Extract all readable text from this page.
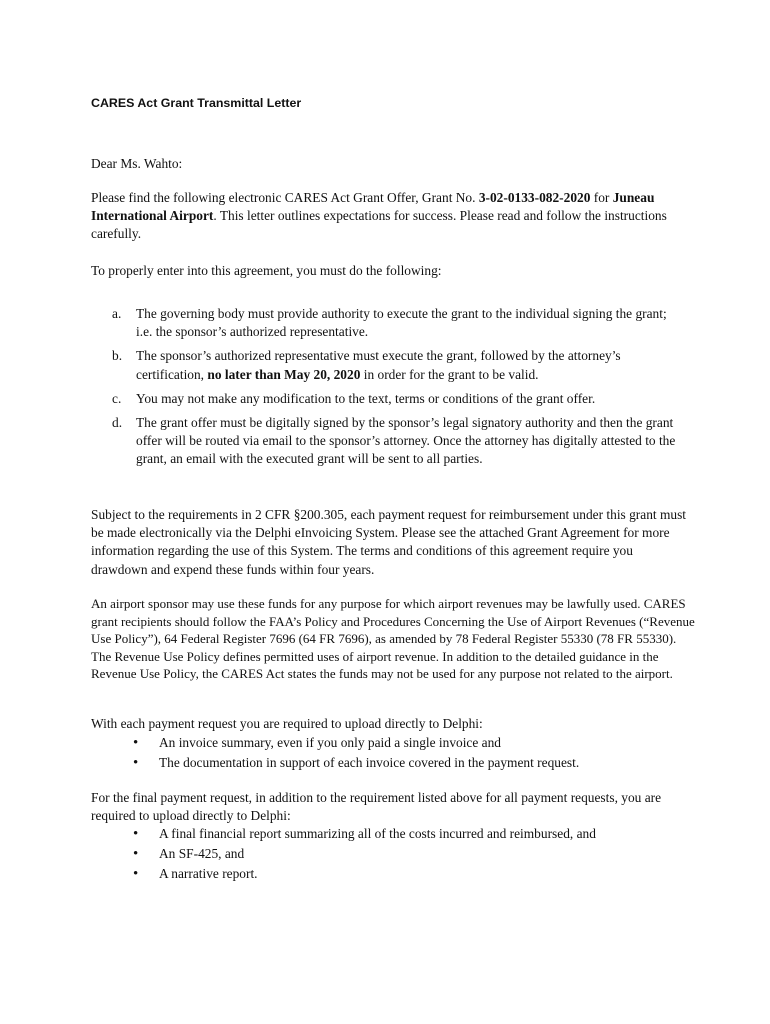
CARES Act Grant Transmittal Letter

Dear Ms. Wahto:

Please find the following electronic CARES Act Grant Offer, Grant No. 3-02-0133-082-2020 for Juneau International Airport. This letter outlines expectations for success. Please read and follow the instructions carefully.

To properly enter into this agreement, you must do the following:

a. The governing body must provide authority to execute the grant to the individual signing the grant; i.e. the sponsor’s authorized representative.
b. The sponsor’s authorized representative must execute the grant, followed by the attorney’s certification, no later than May 20, 2020 in order for the grant to be valid.
c. You may not make any modification to the text, terms or conditions of the grant offer.
d. The grant offer must be digitally signed by the sponsor’s legal signatory authority and then the grant offer will be routed via email to the sponsor’s attorney. Once the attorney has digitally attested to the grant, an email with the executed grant will be sent to all parties.

Subject to the requirements in 2 CFR §200.305, each payment request for reimbursement under this grant must be made electronically via the Delphi eInvoicing System. Please see the attached Grant Agreement for more information regarding the use of this System. The terms and conditions of this agreement require you drawdown and expend these funds within four years.

An airport sponsor may use these funds for any purpose for which airport revenues may be lawfully used. CARES grant recipients should follow the FAA’s Policy and Procedures Concerning the Use of Airport Revenues (“Revenue Use Policy”), 64 Federal Register 7696 (64 FR 7696), as amended by 78 Federal Register 55330 (78 FR 55330). The Revenue Use Policy defines permitted uses of airport revenue. In addition to the detailed guidance in the Revenue Use Policy, the CARES Act states the funds may not be used for any purpose not related to the airport.

With each payment request you are required to upload directly to Delphi:

• An invoice summary, even if you only paid a single invoice and
• The documentation in support of each invoice covered in the payment request.

For the final payment request, in addition to the requirement listed above for all payment requests, you are required to upload directly to Delphi:

• A final financial report summarizing all of the costs incurred and reimbursed, and
• An SF-425, and
• A narrative report.
